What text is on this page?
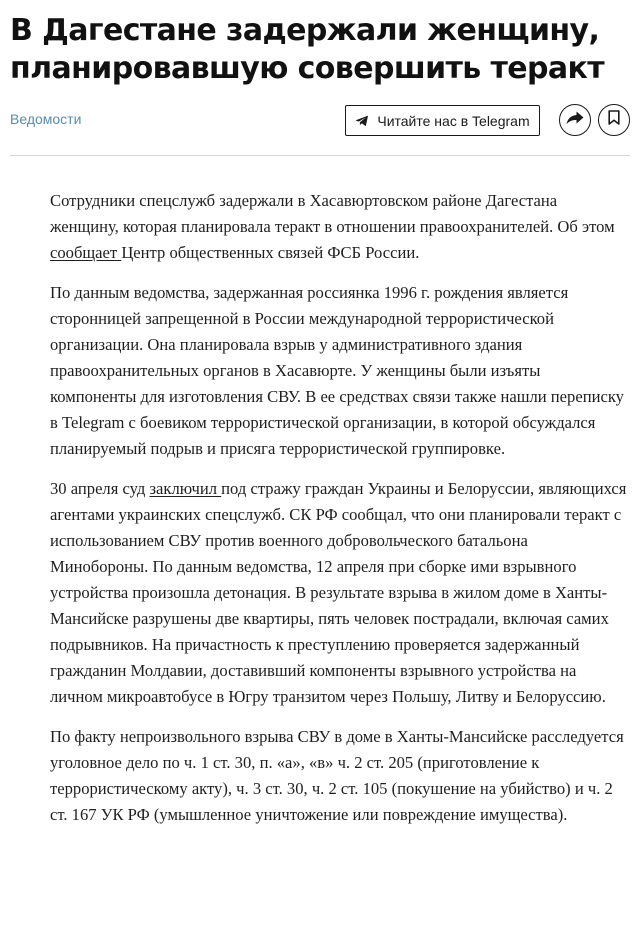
В Дагестане задержали женщину, планировавшую совершить теракт
Ведомости	Читайте нас в Telegram

Сотрудники спецслужб задержали в Хасавюртовском районе Дагестана женщину, которая планировала теракт в отношении правоохранителей. Об этом сообщает Центр общественных связей ФСБ России.

По данным ведомства, задержанная россиянка 1996 г. рождения является сторонницей запрещенной в России международной террористической организации. Она планировала взрыв у административного здания правоохранительных органов в Хасавюрте. У женщины были изъяты компоненты для изготовления СВУ. В ее средствах связи также нашли переписку в Telegram с боевиком террористической организации, в которой обсуждался планируемый подрыв и присяга террористической группировке.

30 апреля суд заключил под стражу граждан Украины и Белоруссии, являющихся агентами украинских спецслужб. СК РФ сообщал, что они планировали теракт с использованием СВУ против военного добровольческого батальона Минобороны. По данным ведомства, 12 апреля при сборке ими взрывного устройства произошла детонация. В результате взрыва в жилом доме в Ханты-Мансийске разрушены две квартиры, пять человек пострадали, включая самих подрывников. На причастность к преступлению проверяется задержанный гражданин Молдавии, доставивший компоненты взрывного устройства на личном микроавтобусе в Югру транзитом через Польшу, Литву и Белоруссию.

По факту непроизвольного взрыва СВУ в доме в Ханты-Мансийске расследуется уголовное дело по ч. 1 ст. 30, п. «а», «в» ч. 2 ст. 205 (приготовление к террористическому акту), ч. 3 ст. 30, ч. 2 ст. 105 (покушение на убийство) и ч. 2 ст. 167 УК РФ (умышленное уничтожение или повреждение имущества).
